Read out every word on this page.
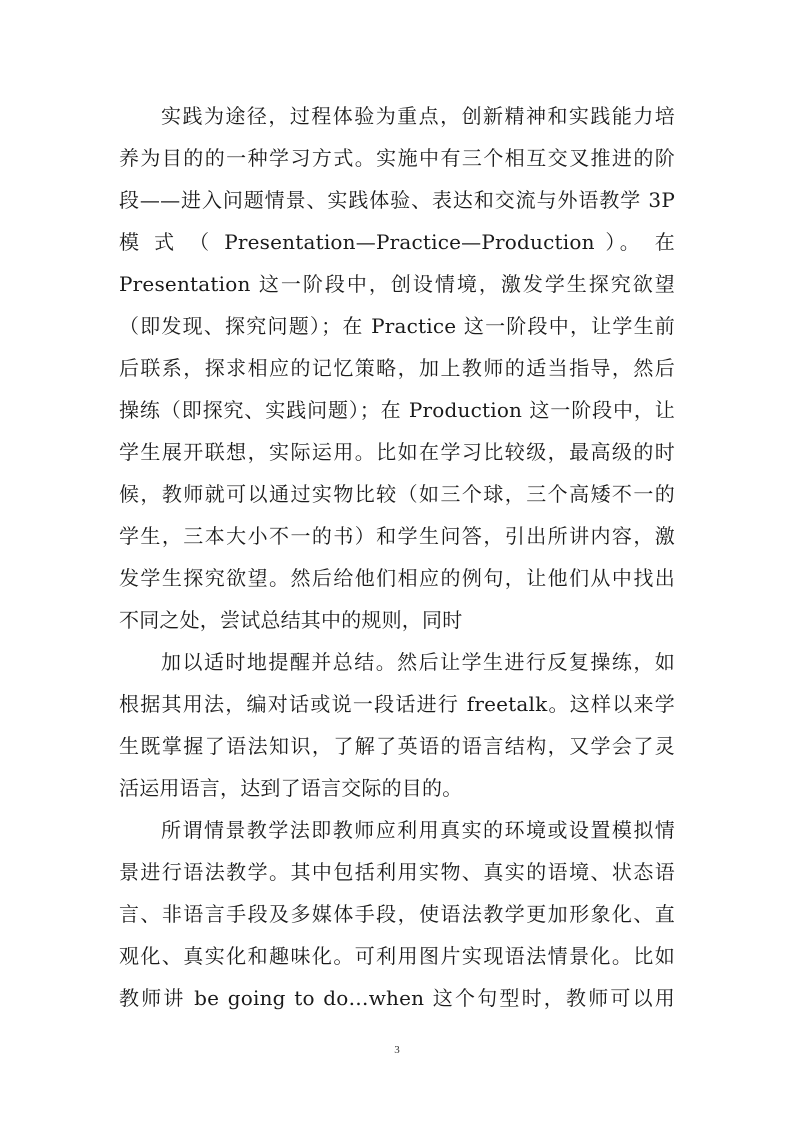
实践为途径，过程体验为重点，创新精神和实践能力培
养为目的的一种学习方式。实施中有三个相互交叉推进的阶
段——进入问题情景、实践体验、表达和交流与外语教学 3P
模 式 （ Presentation—Practice—Production ）。 在
Presentation 这一阶段中，创设情境，激发学生探究欲望
（即发现、探究问题）；在 Practice 这一阶段中，让学生前
后联系，探求相应的记忆策略，加上教师的适当指导，然后
操练（即探究、实践问题）；在 Production 这一阶段中，让
学生展开联想，实际运用。比如在学习比较级，最高级的时
候，教师就可以通过实物比较（如三个球，三个高矮不一的
学生，三本大小不一的书）和学生问答，引出所讲内容，激
发学生探究欲望。然后给他们相应的例句，让他们从中找出
不同之处，尝试总结其中的规则，同时
加以适时地提醒并总结。然后让学生进行反复操练，如
根据其用法，编对话或说一段话进行 freetalk。这样以来学
生既掌握了语法知识，了解了英语的语言结构，又学会了灵
活运用语言，达到了语言交际的目的。
所谓情景教学法即教师应利用真实的环境或设置模拟情
景进行语法教学。其中包括利用实物、真实的语境、状态语
言、非语言手段及多媒体手段，使语法教学更加形象化、直
观化、真实化和趣味化。可利用图片实现语法情景化。比如
教师讲 be going to do…when 这个句型时，教师可以用
3
